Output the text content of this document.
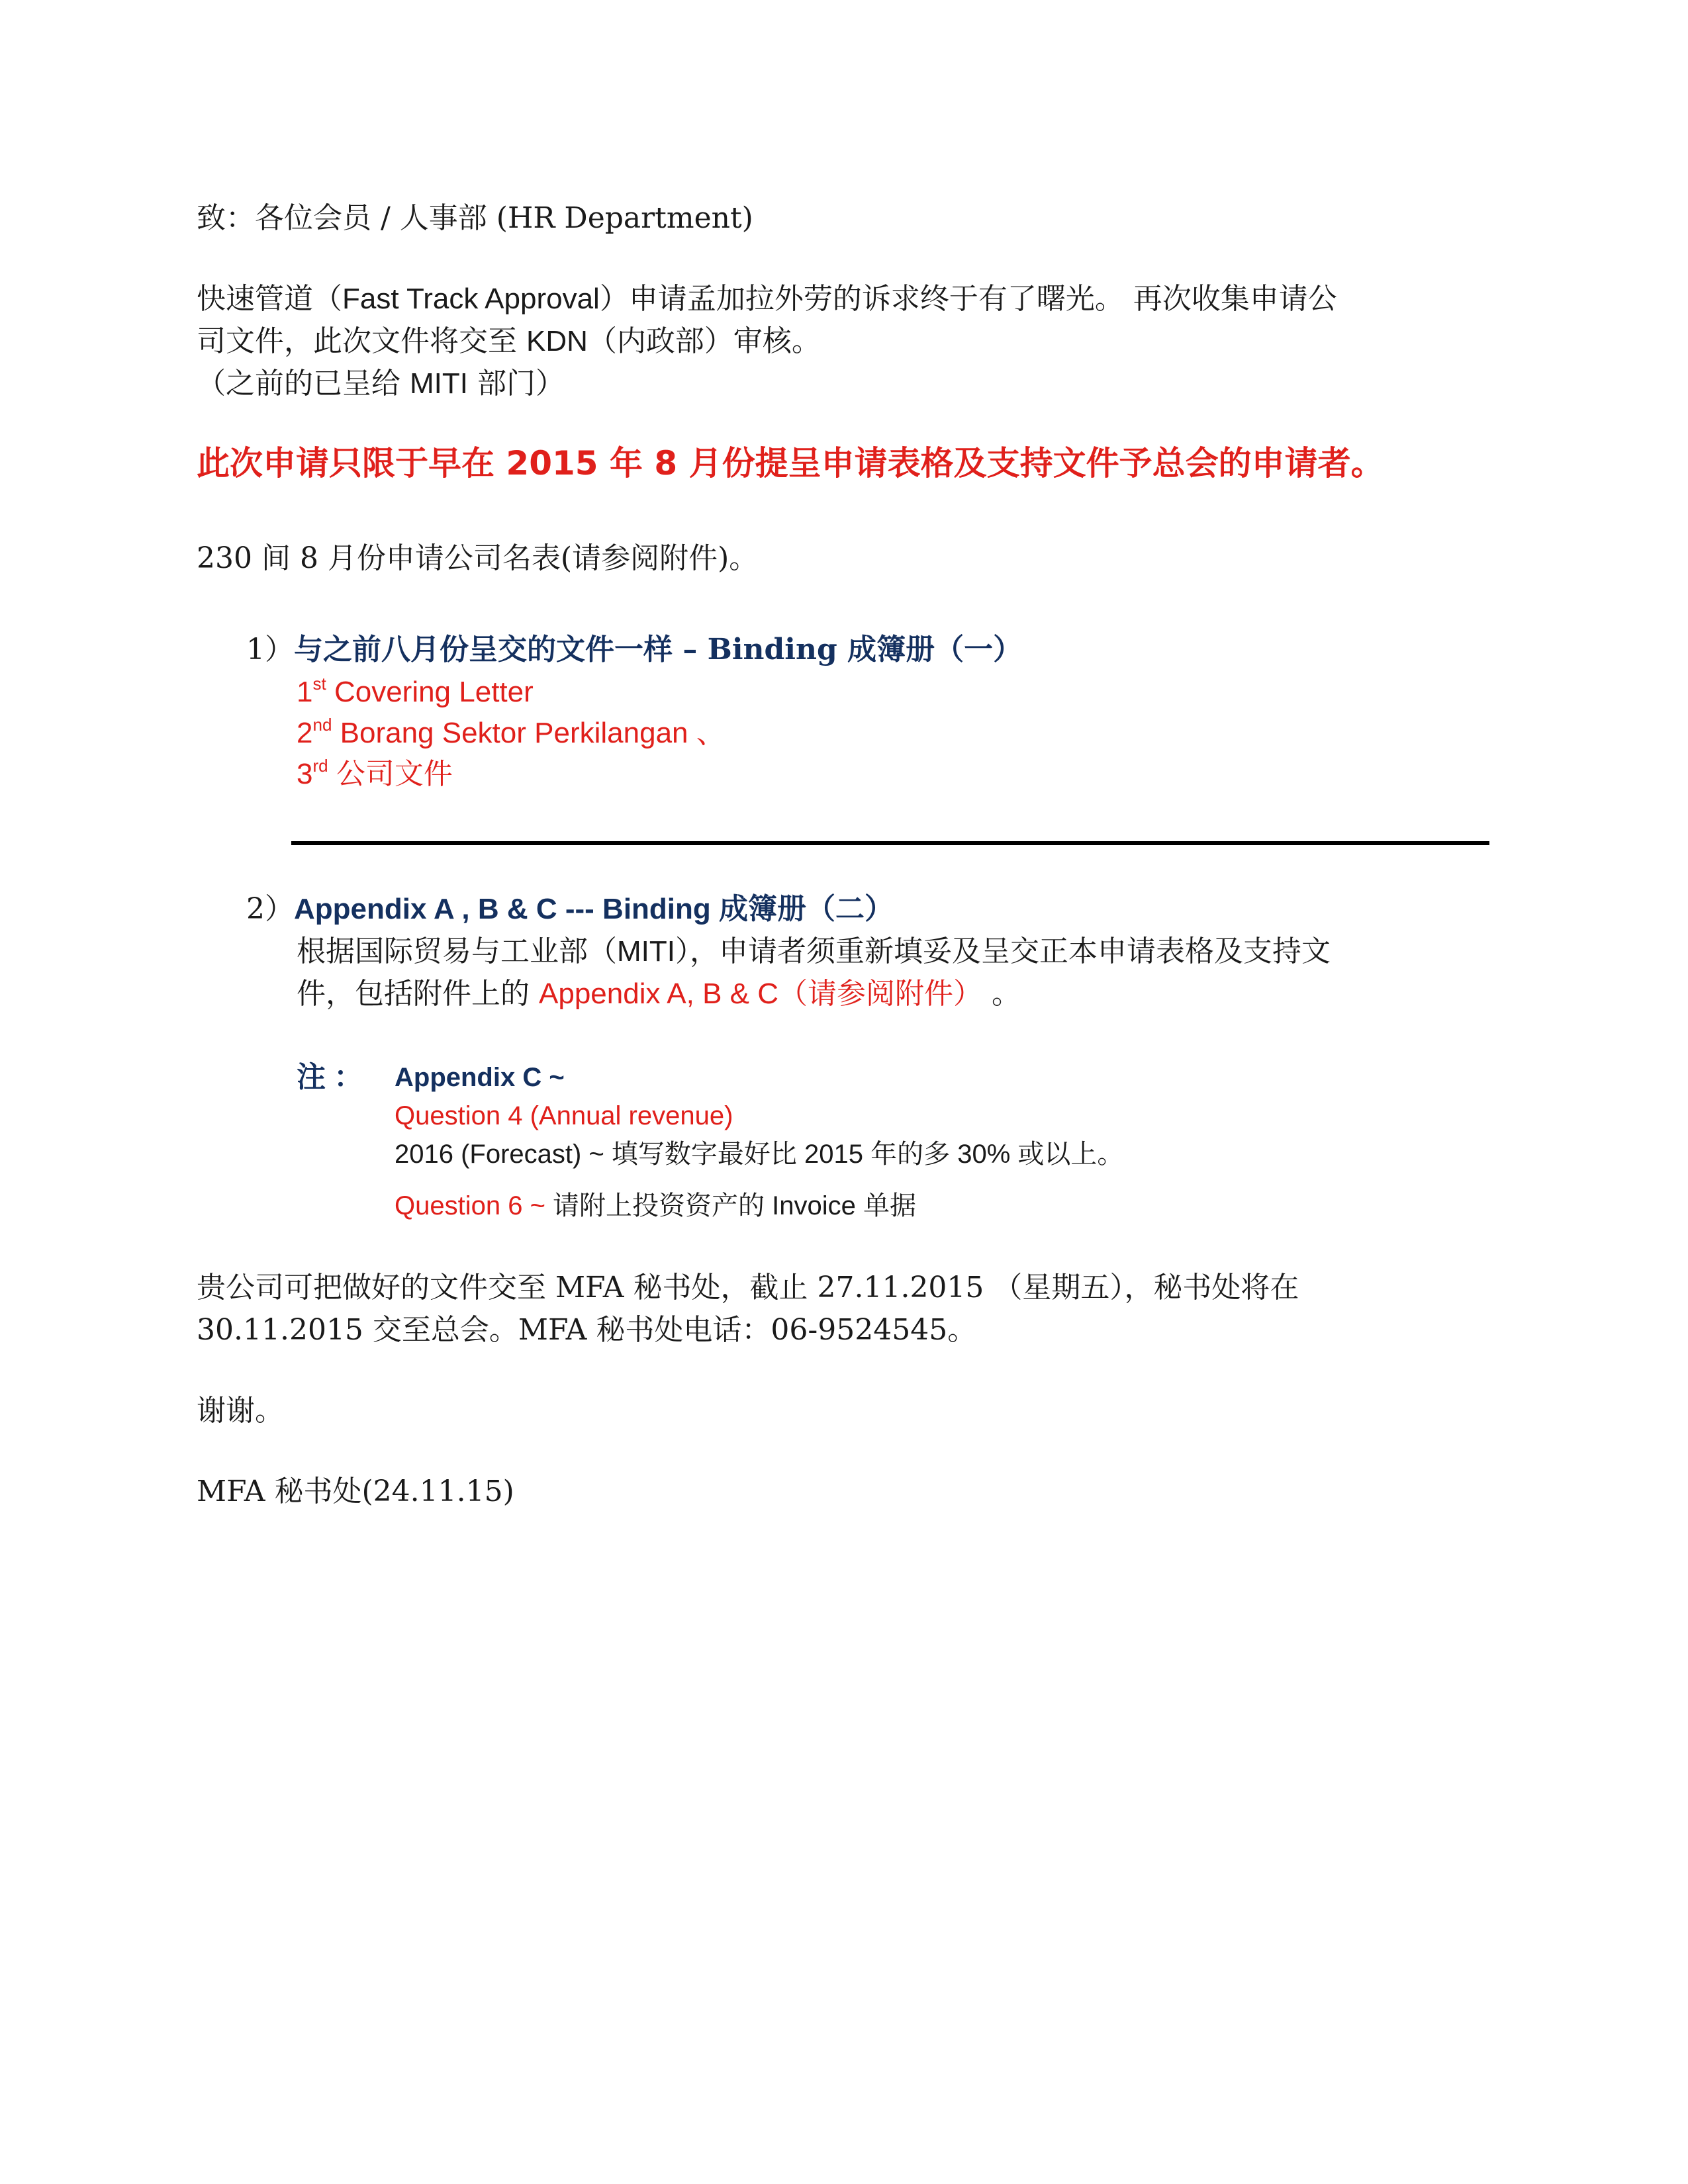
致：各位会员 / 人事部 (HR Department)
快速管道（Fast Track Approval）申请孟加拉外劳的诉求终于有了曙光。 再次收集申请公
司文件，此次文件将交至 KDN（内政部）审核。
（之前的已呈给 MITI 部门）
此次申请只限于早在 2015 年 8 月份提呈申请表格及支持文件予总会的申请者。
230 间 8 月份申请公司名表(请参阅附件)。
1）与之前八月份呈交的文件一样 – Binding 成簿册（一）
1st Covering Letter
2nd Borang Sektor Perkilangan 、
3rd 公司文件
2）Appendix A , B & C --- Binding 成簿册（二）
根据国际贸易与工业部（MITI），申请者须重新填妥及呈交正本申请表格及支持文
件，包括附件上的 Appendix A, B & C（请参阅附件） 。
注 ： Appendix C ~
Question 4 (Annual revenue)
2016 (Forecast) ~ 填写数字最好比 2015 年的多 30% 或以上。
Question 6 ~ 请附上投资资产的 Invoice 单据
贵公司可把做好的文件交至 MFA 秘书处，截止 27.11.2015 （星期五），秘书处将在
30.11.2015 交至总会。MFA 秘书处电话：06-9524545。
谢谢。
MFA 秘书处(24.11.15)
